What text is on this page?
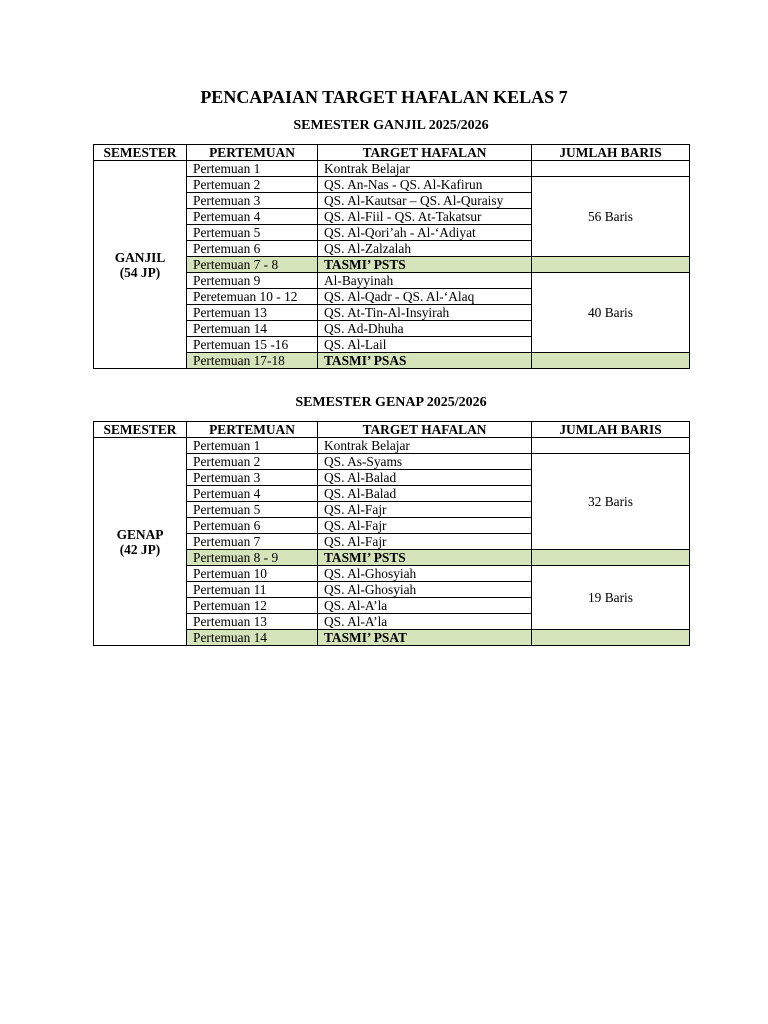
PENCAPAIAN TARGET HAFALAN KELAS 7
SEMESTER GANJIL 2025/2026
SEMESTER	PERTEMUAN	TARGET HAFALAN	JUMLAH BARIS
GANJIL
(54 JP)	Pertemuan 1	Kontrak Belajar	
	Pertemuan 2	QS. An-Nas - QS. Al-Kafirun	56 Baris
	Pertemuan 3	QS. Al-Kautsar – QS. Al-Quraisy	
	Pertemuan 4	QS. Al-Fiil - QS. At-Takatsur	
	Pertemuan 5	QS. Al-Qori’ah - Al-‘Adiyat	
	Pertemuan 6	QS. Al-Zalzalah	
	Pertemuan 7 - 8	TASMI’ PSTS	
	Pertemuan 9	Al-Bayyinah	40 Baris
	Peretemuan 10 - 12	QS. Al-Qadr - QS. Al-‘Alaq	
	Pertemuan 13	QS. At-Tin-Al-Insyirah	
	Pertemuan 14	QS. Ad-Dhuha	
	Pertemuan 15 -16	QS. Al-Lail	
	Pertemuan 17-18	TASMI’ PSAS	
SEMESTER GENAP 2025/2026
SEMESTER	PERTEMUAN	TARGET HAFALAN	JUMLAH BARIS
GENAP
(42 JP)	Pertemuan 1	Kontrak Belajar	
	Pertemuan 2	QS. As-Syams	32 Baris
	Pertemuan 3	QS. Al-Balad	
	Pertemuan 4	QS. Al-Balad	
	Pertemuan 5	QS. Al-Fajr	
	Pertemuan 6	QS. Al-Fajr	
	Pertemuan 7	QS. Al-Fajr	
	Pertemuan 8 - 9	TASMI’ PSTS	
	Pertemuan 10	QS. Al-Ghosyiah	19 Baris
	Pertemuan 11	QS. Al-Ghosyiah	
	Pertemuan 12	QS. Al-A’la	
	Pertemuan 13	QS. Al-A’la	
	Pertemuan 14	TASMI’ PSAT	
